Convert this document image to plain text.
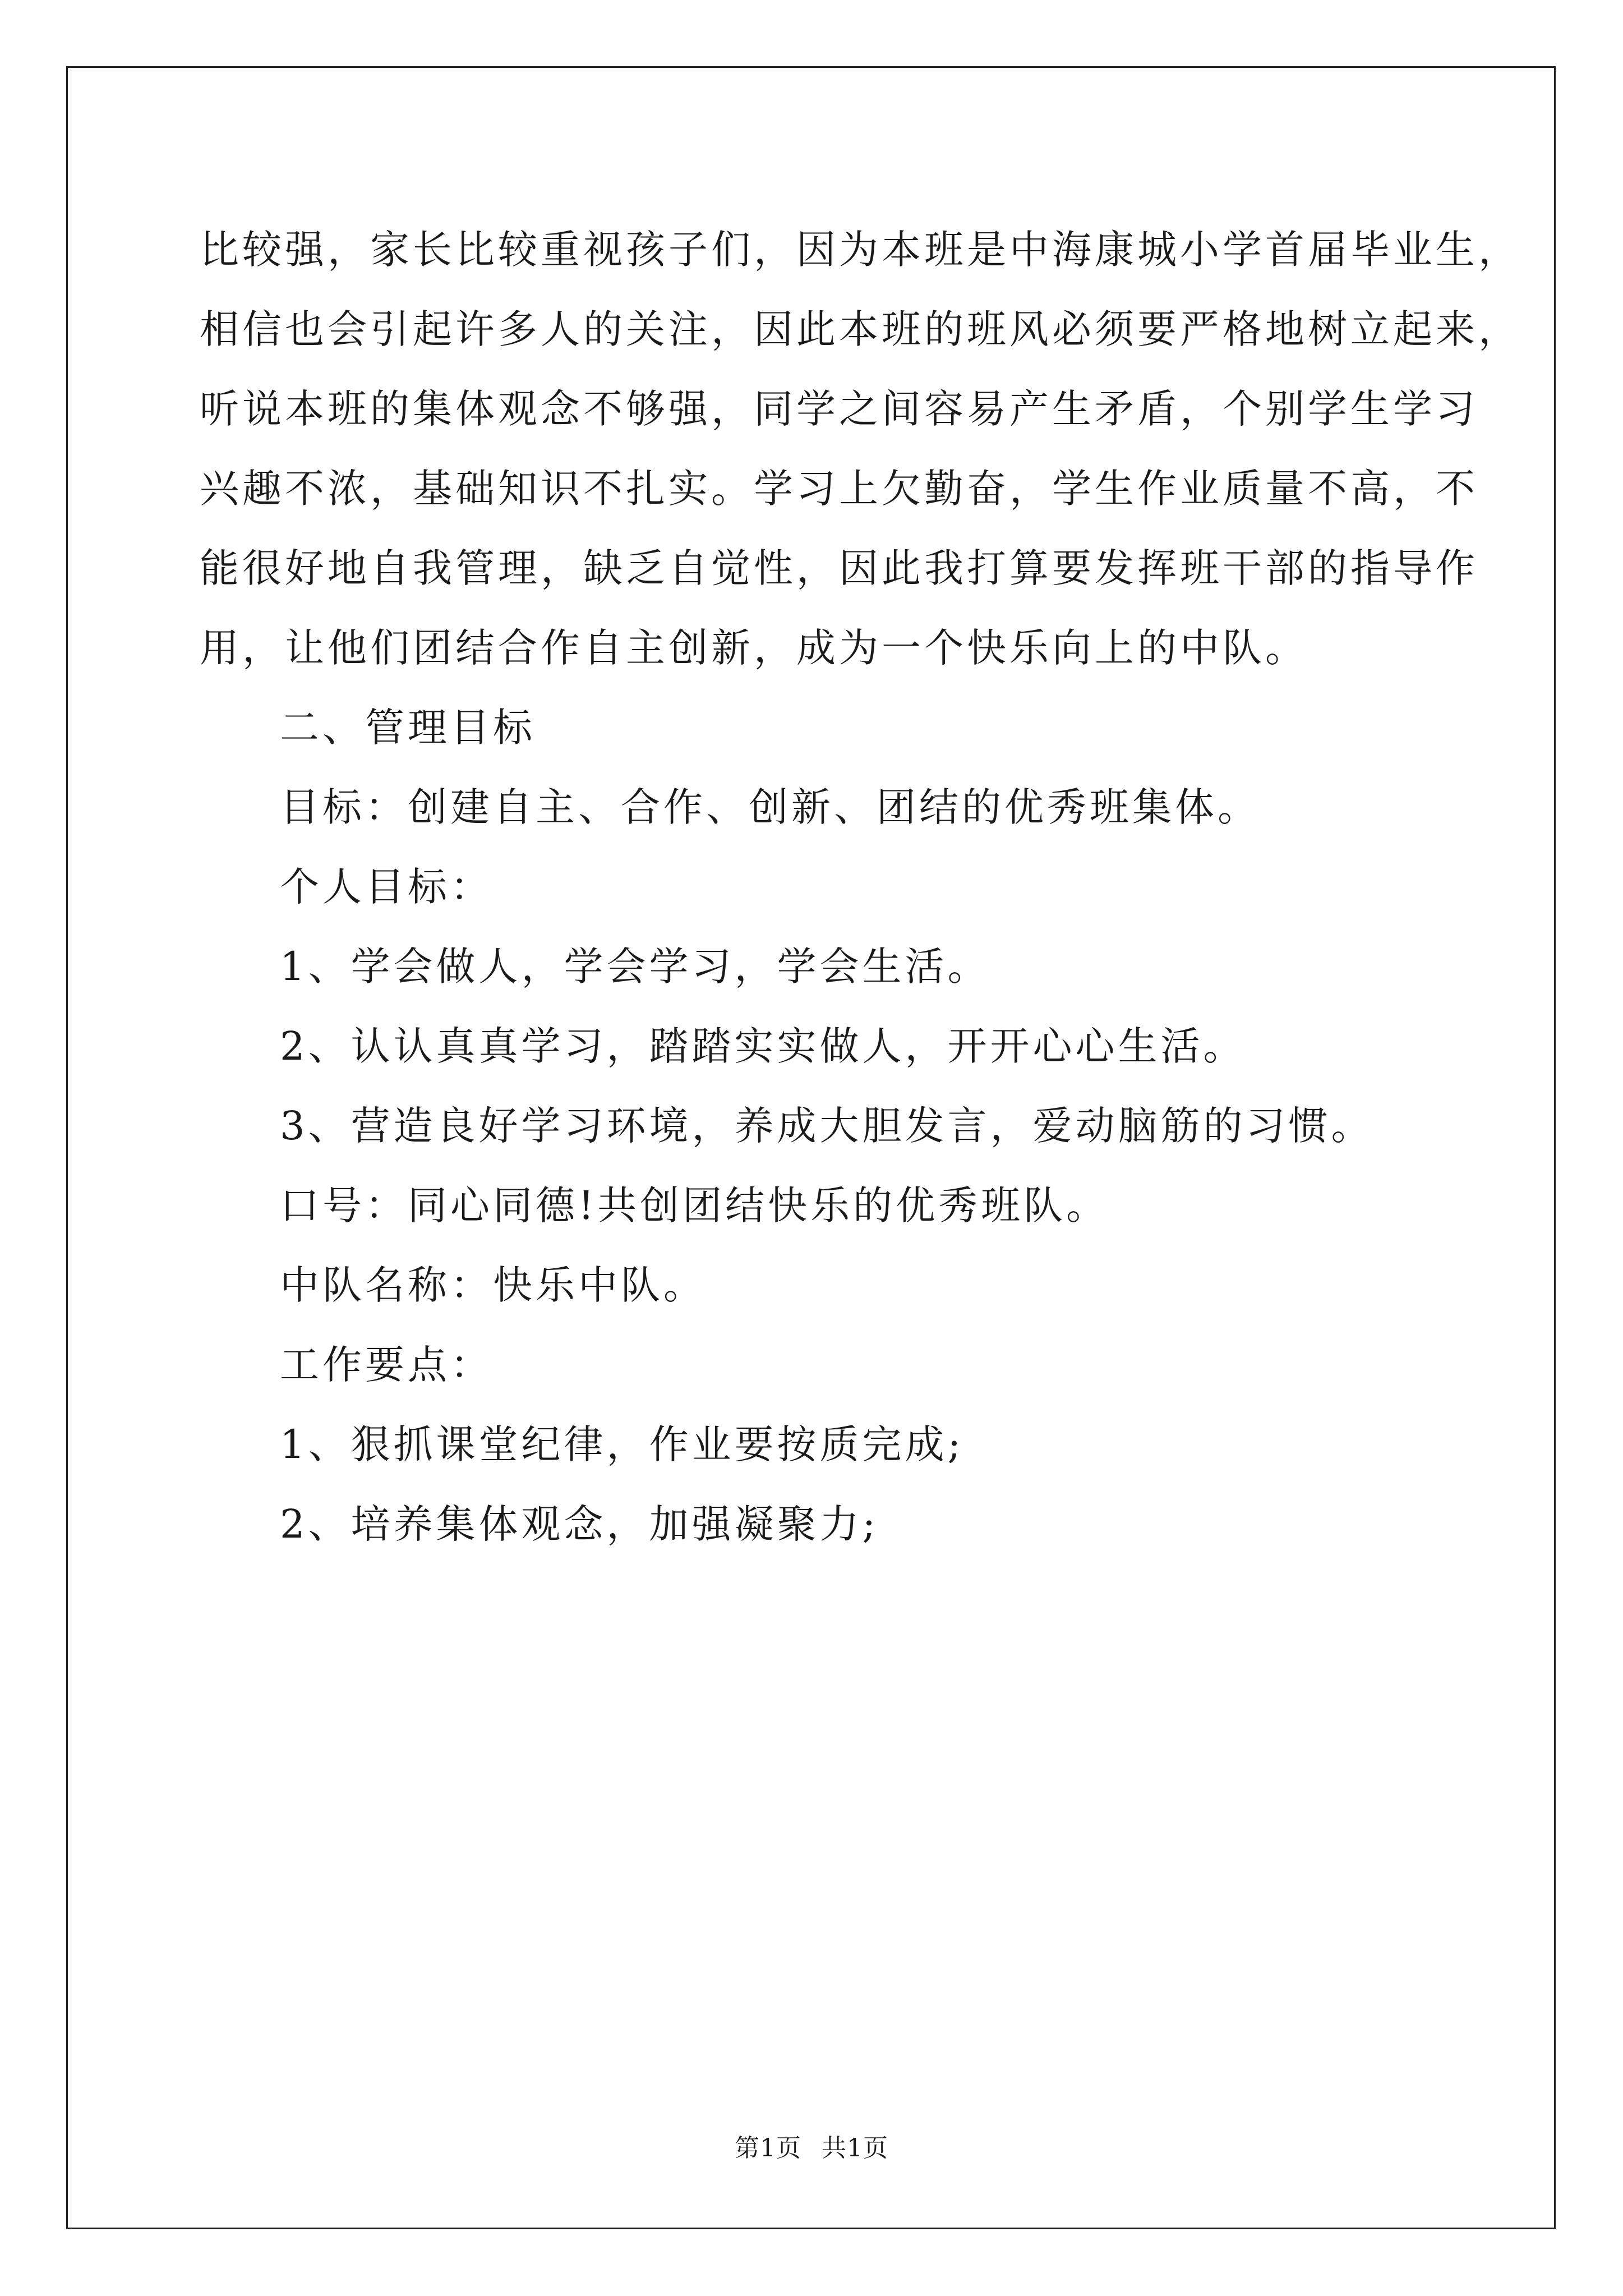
比较强，家长比较重视孩子们，因为本班是中海康城小学首届毕业生，
相信也会引起许多人的关注，因此本班的班风必须要严格地树立起来，
听说本班的集体观念不够强，同学之间容易产生矛盾，个别学生学习
兴趣不浓，基础知识不扎实。学习上欠勤奋，学生作业质量不高，不
能很好地自我管理，缺乏自觉性，因此我打算要发挥班干部的指导作
用，让他们团结合作自主创新，成为一个快乐向上的中队。
二、管理目标
目标：创建自主、合作、创新、团结的优秀班集体。
个人目标：
1、学会做人，学会学习，学会生活。
2、认认真真学习，踏踏实实做人，开开心心生活。
3、营造良好学习环境，养成大胆发言，爱动脑筋的习惯。
口号：同心同德!共创团结快乐的优秀班队。
中队名称：快乐中队。
工作要点：
1、狠抓课堂纪律，作业要按质完成;
2、培养集体观念，加强凝聚力;
第1页 共1页
